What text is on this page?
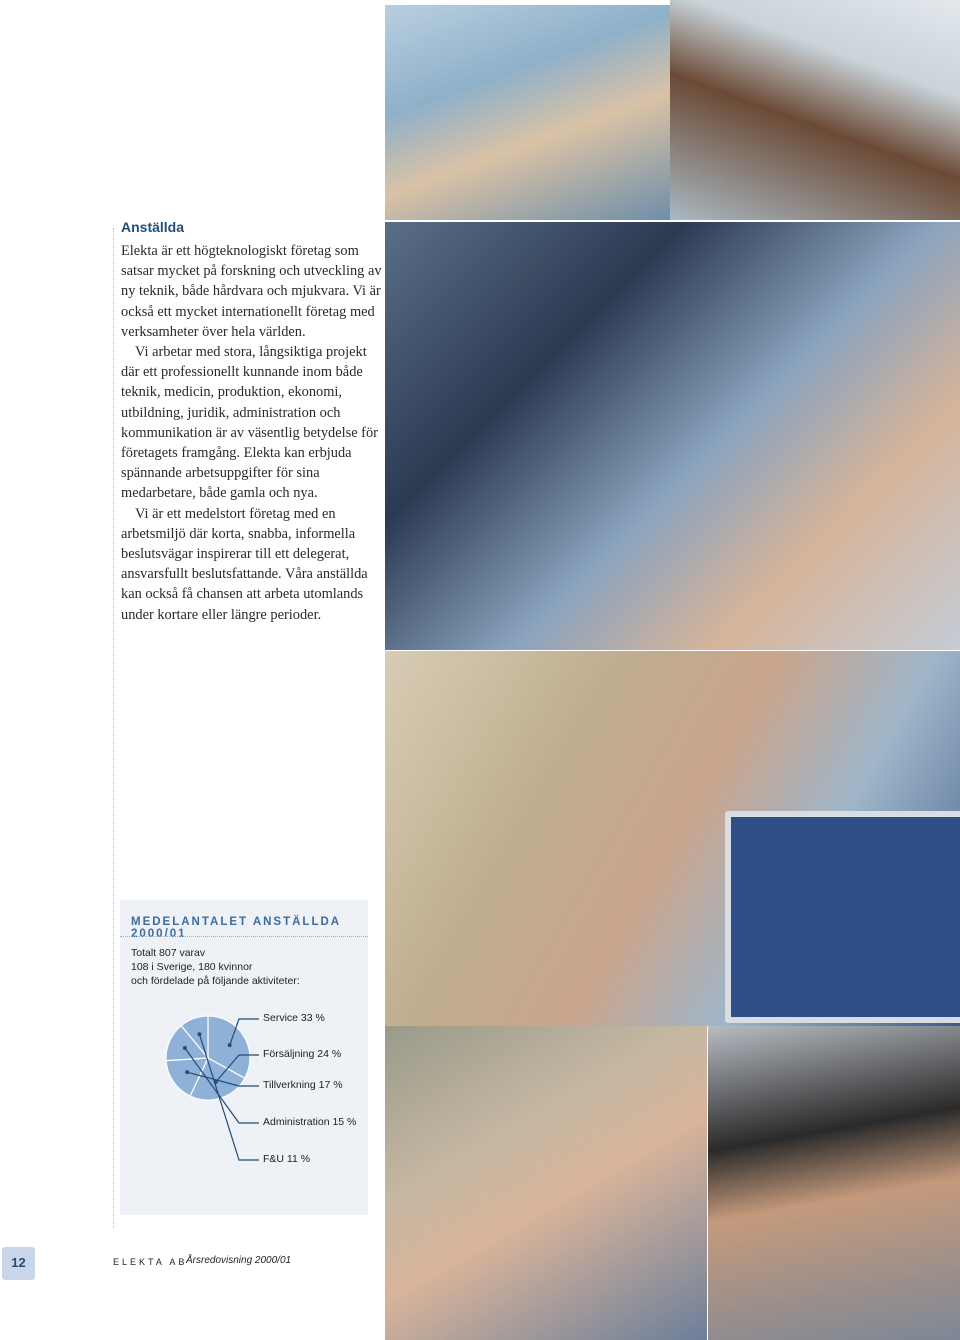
Anställda

Elekta är ett högteknologiskt företag som satsar mycket på forskning och utveckling av ny teknik, både hårdvara och mjukvara. Vi är också ett mycket internationellt företag med verksamheter över hela världen.

Vi arbetar med stora, långsiktiga projekt där ett professionellt kunnande inom både teknik, medicin, produktion, ekonomi, utbildning, juridik, administration och kommunikation är av väsentlig betydelse för företagets framgång. Elekta kan erbjuda spännande arbetsuppgifter för sina medarbetare, både gamla och nya.

Vi är ett medelstort företag med en arbetsmiljö där korta, snabba, informella beslutsvägar inspirerar till ett delegerat, ansvarsfullt beslutsfattande. Våra anställda kan också få chansen att arbeta utomlands under kortare eller längre perioder.

MEDELANTALET ANSTÄLLDA 2000/01
Totalt 807 varav
108 i Sverige, 180 kvinnor
och fördelade på följande aktiviteter:
Service 33 %
Försäljning 24 %
Tillverkning 17 %
Administration 15 %
F&U 11 %
12	ELEKTA AB
Årsredovisning 2000/01
